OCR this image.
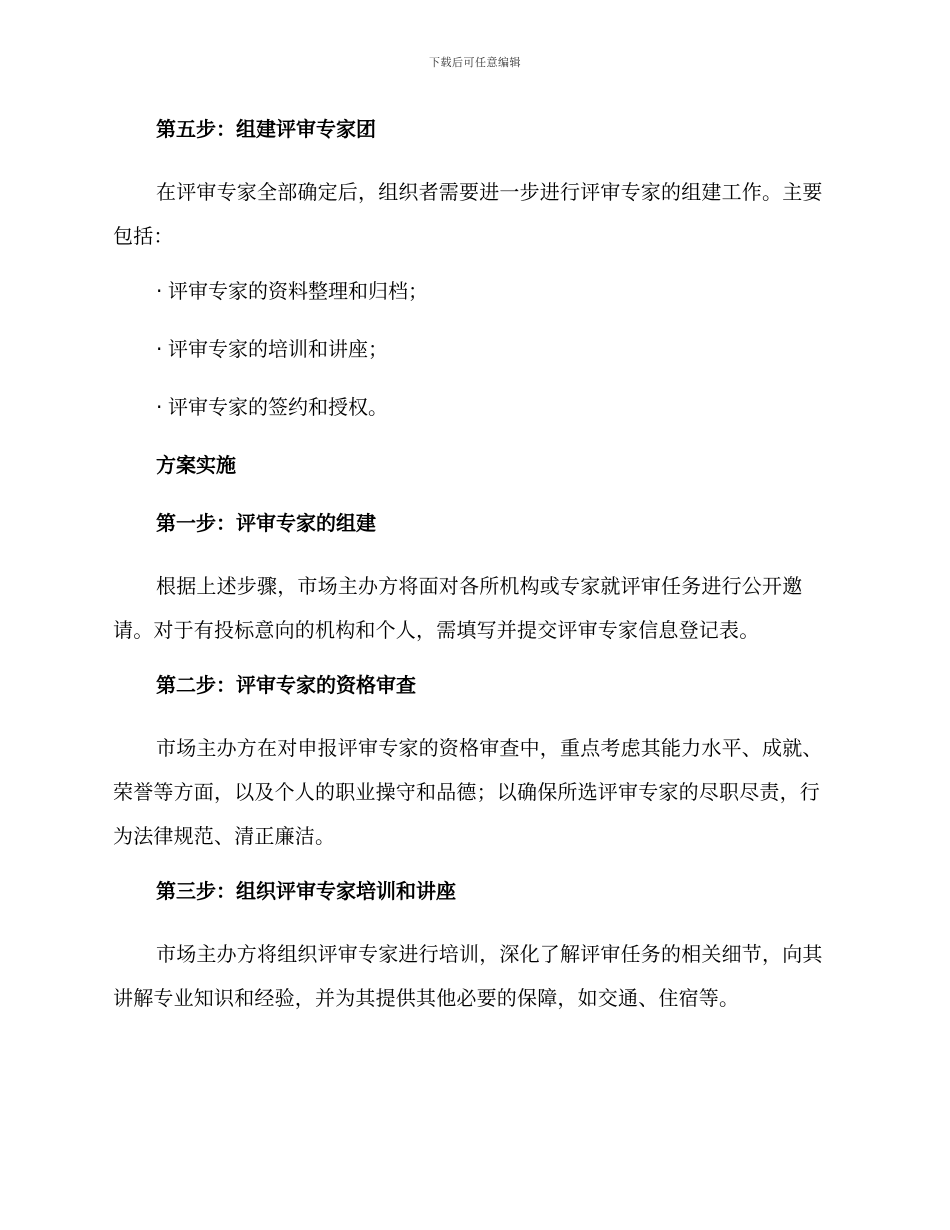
下载后可任意编辑

第五步：组建评审专家团

在评审专家全部确定后，组织者需要进一步进行评审专家的组建工作。主要包括：

· 评审专家的资料整理和归档；

· 评审专家的培训和讲座；

· 评审专家的签约和授权。

方案实施

第一步：评审专家的组建

根据上述步骤，市场主办方将面对各所机构或专家就评审任务进行公开邀请。对于有投标意向的机构和个人，需填写并提交评审专家信息登记表。

第二步：评审专家的资格审查

市场主办方在对申报评审专家的资格审查中，重点考虑其能力水平、成就、荣誉等方面，以及个人的职业操守和品德；以确保所选评审专家的尽职尽责，行为法律规范、清正廉洁。

第三步：组织评审专家培训和讲座

市场主办方将组织评审专家进行培训，深化了解评审任务的相关细节，向其讲解专业知识和经验，并为其提供其他必要的保障，如交通、住宿等。
